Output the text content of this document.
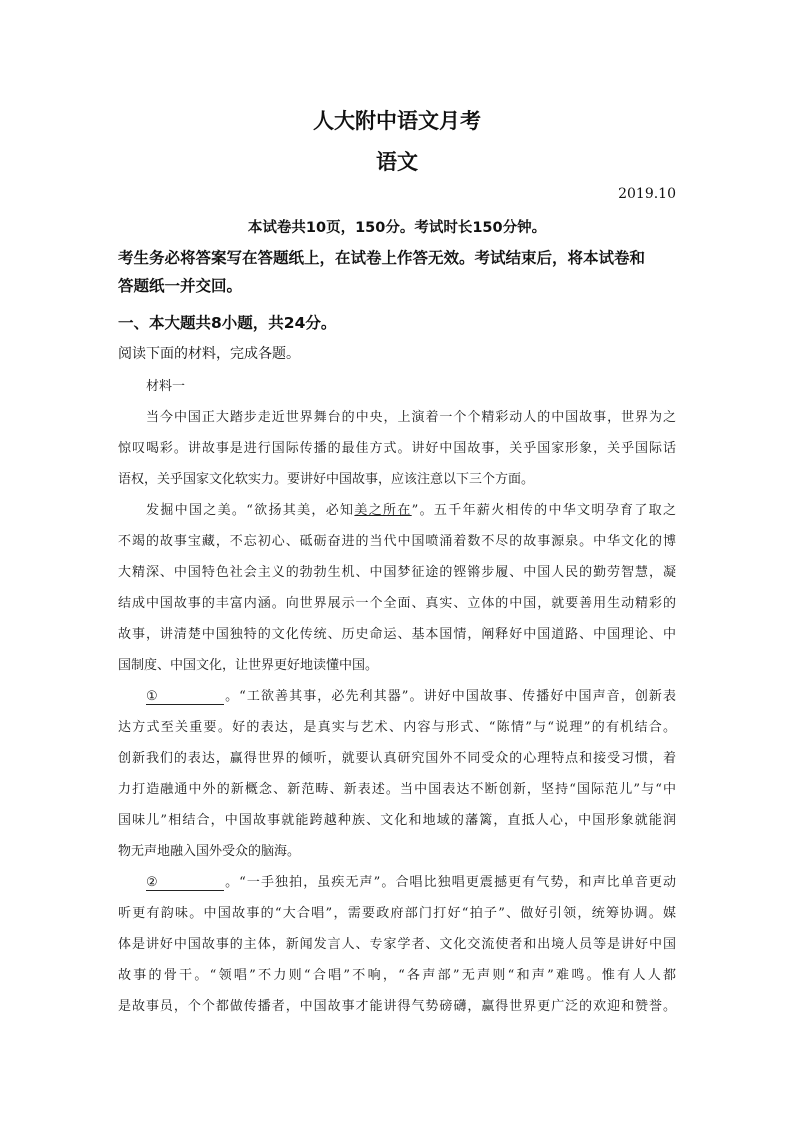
人大附中语文月考
语文
2019.10
本试卷共10页，150分。考试时长150分钟。
考生务必将答案写在答题纸上，在试卷上作答无效。考试结束后，将本试卷和
答题纸一并交回。
一、本大题共8小题，共24分。
阅读下面的材料，完成各题。
材料一
当今中国正大踏步走近世界舞台的中央，上演着一个个精彩动人的中国故事，世界为之
惊叹喝彩。讲故事是进行国际传播的最佳方式。讲好中国故事，关乎国家形象，关乎国际话
语权，关乎国家文化软实力。要讲好中国故事，应该注意以下三个方面。
发掘中国之美。“欲扬其美，必知美之所在”。五千年薪火相传的中华文明孕育了取之
不竭的故事宝藏，不忘初心、砥砺奋进的当代中国喷涌着数不尽的故事源泉。中华文化的博
大精深、中国特色社会主义的勃勃生机、中国梦征途的铿锵步履、中国人民的勤劳智慧，凝
结成中国故事的丰富内涵。向世界展示一个全面、真实、立体的中国，就要善用生动精彩的
故事，讲清楚中国独特的文化传统、历史命运、基本国情，阐释好中国道路、中国理论、中
国制度、中国文化，让世界更好地读懂中国。
①	。“工欲善其事，必先利其器”。讲好中国故事、传播好中国声音，创新表
达方式至关重要。好的表达，是真实与艺术、内容与形式、“陈情”与“说理”的有机结合。
创新我们的表达，赢得世界的倾听，就要认真研究国外不同受众的心理特点和接受习惯，着
力打造融通中外的新概念、新范畴、新表述。当中国表达不断创新，坚持“国际范儿”与“中
国味儿”相结合，中国故事就能跨越种族、文化和地域的藩篱，直抵人心，中国形象就能润
物无声地融入国外受众的脑海。
②	。“一手独拍，虽疾无声”。合唱比独唱更震撼更有气势，和声比单音更动
听更有韵味。中国故事的“大合唱”，需要政府部门打好“拍子”、做好引领，统筹协调。媒
体是讲好中国故事的主体，新闻发言人、专家学者、文化交流使者和出境人员等是讲好中国
故事的骨干。“领唱”不力则“合唱”不响，“各声部”无声则“和声”难鸣。惟有人人都
是故事员，个个都做传播者，中国故事才能讲得气势磅礴，赢得世界更广泛的欢迎和赞誉。
